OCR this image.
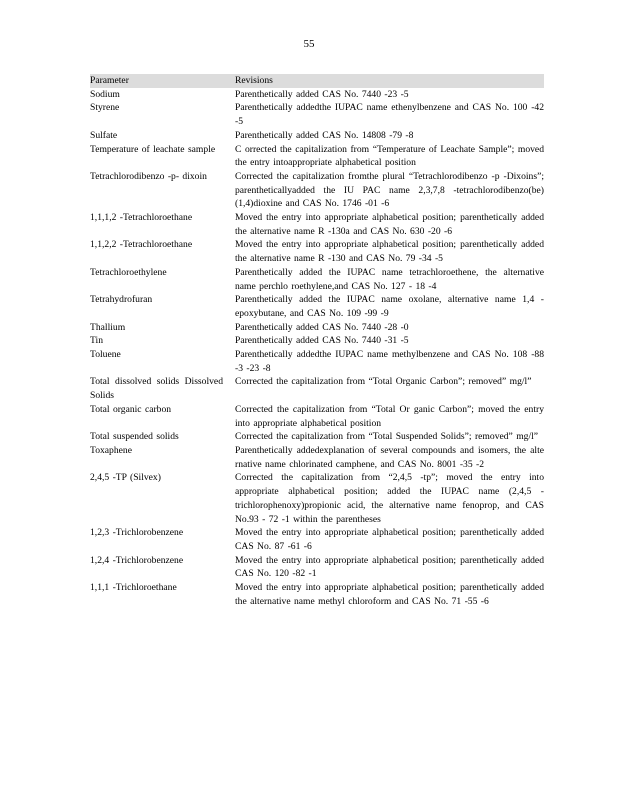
55
Parameter	Revisions
Sodium	Parenthetically added CAS No. 7440 -23 -5
Styrene	Parenthetically addedthe IUPAC name ethenylbenzene and CAS No. 100 -42 -5
Sulfate	Parenthetically added CAS No. 14808 -79 -8
Temperature of leachate sample	C orrected the capitalization from “Temperature of Leachate Sample”; moved the entry intoappropriate alphabetical position
Tetrachlorodibenzo -p- dixoin	Corrected the capitalization fromthe plural “Tetrachlorodibenzo -p -Dixoins”; parentheticallyadded the IU PAC name 2,3,7,8 -tetrachlorodibenzo(be)(1,4)dioxine and CAS No. 1746 -01 -6
1,1,1,2 -Tetrachloroethane	Moved the entry into appropriate alphabetical position; parenthetically added the alternative name R -130a and CAS No. 630 -20 -6
1,1,2,2 -Tetrachloroethane	Moved the entry into appropriate alphabetical position; parenthetically added the alternative name R -130 and CAS No. 79 -34 -5
Tetrachloroethylene	Parenthetically added the IUPAC name tetrachloroethene, the alternative name perchlo roethylene,and CAS No. 127 - 18 -4
Tetrahydrofuran	Parenthetically added the IUPAC name oxolane, alternative name 1,4 -epoxybutane, and CAS No. 109 -99 -9
Thallium	Parenthetically added CAS No. 7440 -28 -0
Tin	Parenthetically added CAS No. 7440 -31 -5
Toluene	Parenthetically addedthe IUPAC name methylbenzene and CAS No. 108 -88 -3 -23 -8
Total dissolved solids Dissolved Solids	Corrected the capitalization from “Total Organic Carbon”; removed” mg/l”
Total organic carbon	Corrected the capitalization from “Total Or ganic Carbon”; moved the entry into appropriate alphabetical position
Total suspended solids	Corrected the capitalization from “Total Suspended Solids”; removed” mg/l”
Toxaphene	Parenthetically addedexplanation of several compounds and isomers, the alte rnative name chlorinated camphene, and CAS No. 8001 -35 -2
2,4,5 -TP (Silvex)	Corrected the capitalization from “2,4,5 -tp”; moved the entry into appropriate alphabetical position; added the IUPAC name (2,4,5 -trichlorophenoxy)propionic acid, the alternative name fenoprop, and CAS No.93 - 72 -1 within the parentheses
1,2,3 -Trichlorobenzene	Moved the entry into appropriate alphabetical position; parenthetically added CAS No. 87 -61 -6
1,2,4 -Trichlorobenzene	Moved the entry into appropriate alphabetical position; parenthetically added CAS No. 120 -82 -1
1,1,1 -Trichloroethane	Moved the entry into appropriate alphabetical position; parenthetically added the alternative name methyl chloroform and CAS No. 71 -55 -6
